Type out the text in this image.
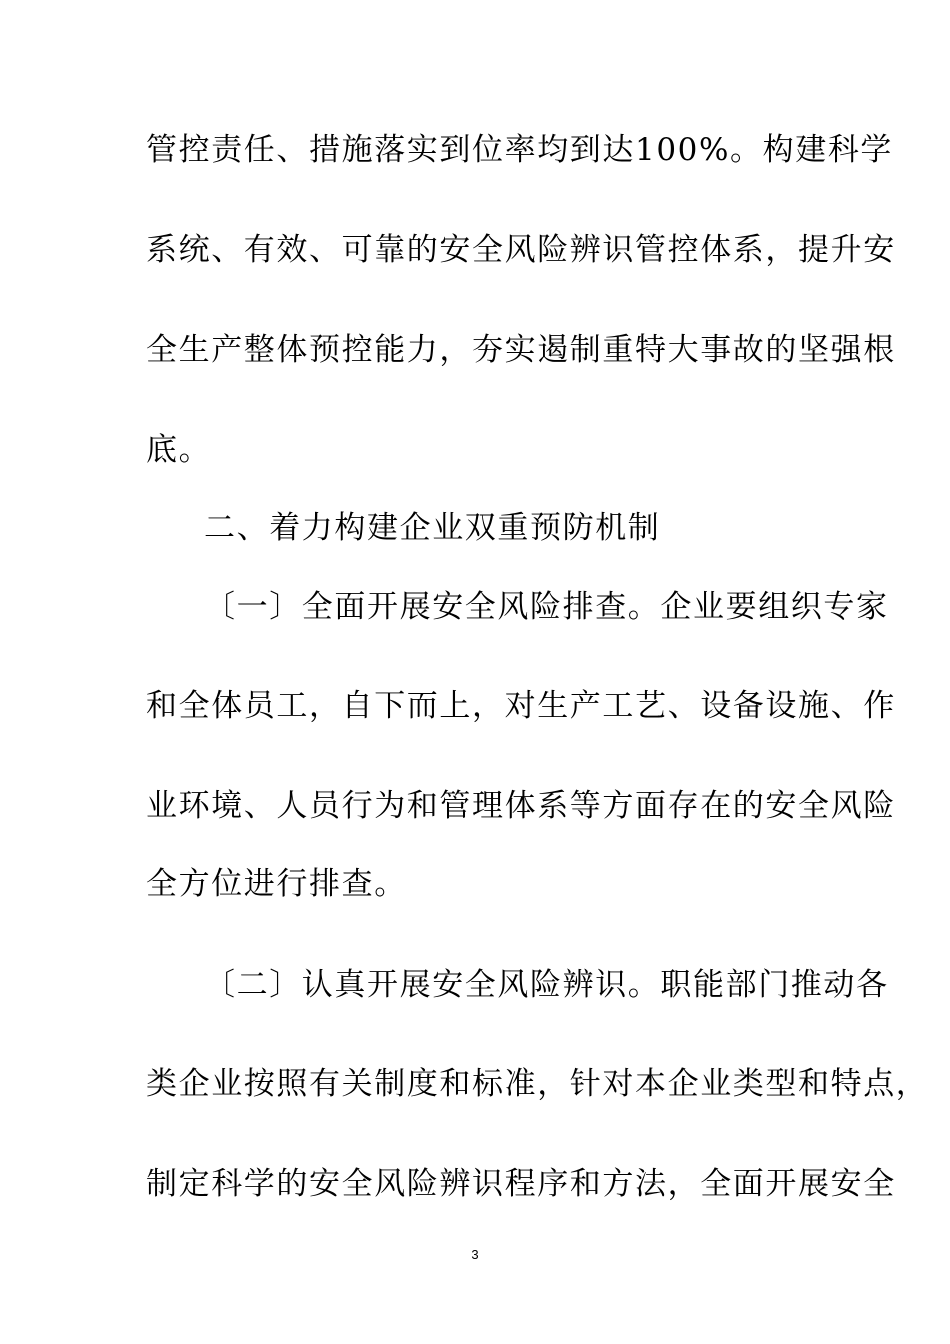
管控责任、措施落实到位率均到达100%。构建科学
系统、有效、可靠的安全风险辨识管控体系，提升安
全生产整体预控能力，夯实遏制重特大事故的坚强根
底。
二、着力构建企业双重预防机制
〔一〕全面开展安全风险排查。企业要组织专家
和全体员工，自下而上，对生产工艺、设备设施、作
业环境、人员行为和管理体系等方面存在的安全风险
全方位进行排查。
〔二〕认真开展安全风险辨识。职能部门推动各
类企业按照有关制度和标准，针对本企业类型和特点，
制定科学的安全风险辨识程序和方法，全面开展安全
3
